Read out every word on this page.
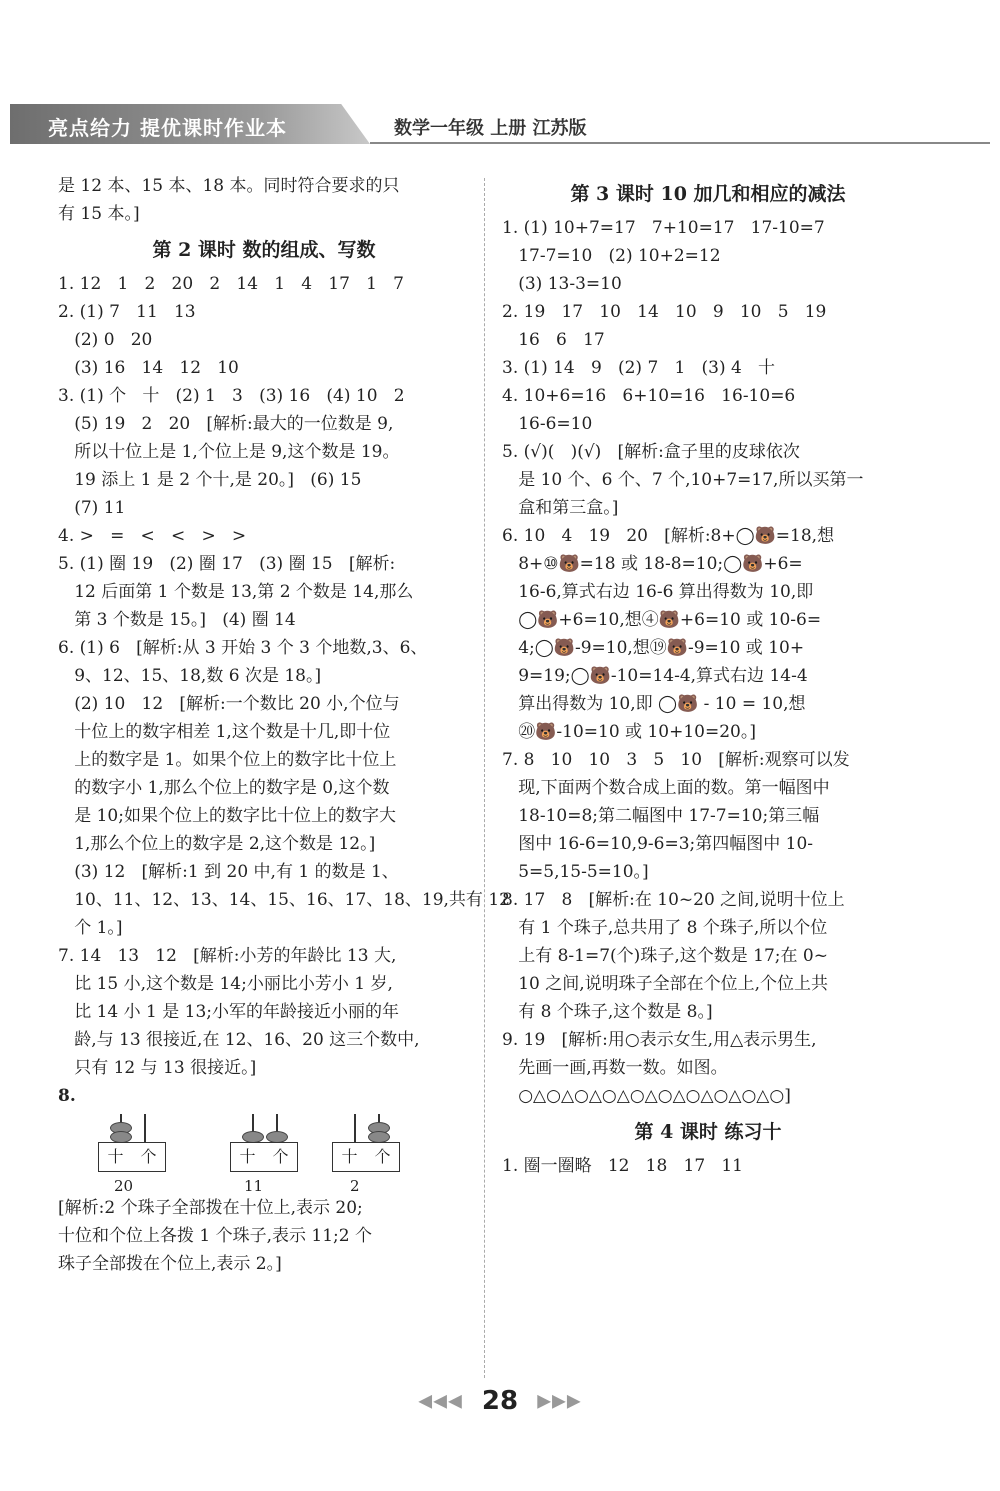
亮点给力 提优课时作业本	数学一年级 上册 江苏版
是 12 本、15 本、18 本。同时符合要求的只
有 15 本。]
第 2 课时 数的组成、写数
1. 12   1   2   20   2   14   1   4   17   1   7
2. (1) 7   11   13
(2) 0   20
(3) 16   14   12   10
3. (1) 个   十   (2) 1   3   (3) 16   (4) 10   2
(5) 19   2   20   [解析:最大的一位数是 9,
所以十位上是 1,个位上是 9,这个数是 19。
19 添上 1 是 2 个十,是 20。]   (6) 15
(7) 11
4. >   =   <   <   >   >
5. (1) 圈 19   (2) 圈 17   (3) 圈 15   [解析:
12 后面第 1 个数是 13,第 2 个数是 14,那么
第 3 个数是 15。]   (4) 圈 14
6. (1) 6   [解析:从 3 开始 3 个 3 个地数,3、6、
9、12、15、18,数 6 次是 18。]
(2) 10   12   [解析:一个数比 20 小,个位与
十位上的数字相差 1,这个数是十几,即十位
上的数字是 1。如果个位上的数字比十位上
的数字小 1,那么个位上的数字是 0,这个数
是 10;如果个位上的数字比十位上的数字大
1,那么个位上的数字是 2,这个数是 12。]
(3) 12   [解析:1 到 20 中,有 1 的数是 1、
10、11、12、13、14、15、16、17、18、19,共有 12
个 1。]
7. 14   13   12   [解析:小芳的年龄比 13 大,
比 15 小,这个数是 14;小丽比小芳小 1 岁,
比 14 小 1 是 13;小军的年龄接近小丽的年
龄,与 13 很接近,在 12、16、20 这三个数中,
只有 12 与 13 很接近。]
8.
十 个	十 个	十 个
20	11	2
[解析:2 个珠子全部拨在十位上,表示 20;
十位和个位上各拨 1 个珠子,表示 11;2 个
珠子全部拨在个位上,表示 2。]
第 3 课时 10 加几和相应的减法
1. (1) 10+7=17   7+10=17   17-10=7
17-7=10   (2) 10+2=12
(3) 13-3=10
2. 19   17   10   14   10   9   10   5   19
16   6   17
3. (1) 14   9   (2) 7   1   (3) 4   十
4. 10+6=16   6+10=16   16-10=6
16-6=10
5. (√)(   )(√)   [解析:盒子里的皮球依次
是 10 个、6 个、7 个,10+7=17,所以买第一
盒和第三盒。]
6. 10   4   19   20   [解析:8+◯🐻=18,想
8+⑩🐻=18 或 18-8=10;◯🐻+6=
16-6,算式右边 16-6 算出得数为 10,即
◯🐻+6=10,想④🐻+6=10 或 10-6=
4;◯🐻-9=10,想⑲🐻-9=10 或 10+
9=19;◯🐻-10=14-4,算式右边 14-4
算出得数为 10,即 ◯🐻 - 10 = 10,想
⑳🐻-10=10 或 10+10=20。]
7. 8   10   10   3   5   10   [解析:观察可以发
现,下面两个数合成上面的数。第一幅图中
18-10=8;第二幅图中 17-7=10;第三幅
图中 16-6=10,9-6=3;第四幅图中 10-
5=5,15-5=10。]
8. 17   8   [解析:在 10~20 之间,说明十位上
有 1 个珠子,总共用了 8 个珠子,所以个位
上有 8-1=7(个)珠子,这个数是 17;在 0~
10 之间,说明珠子全部在个位上,个位上共
有 8 个珠子,这个数是 8。]
9. 19   [解析:用○表示女生,用△表示男生,
先画一画,再数一数。如图。
○△○△○△○△○△○△○△○△○△○]
第 4 课时 练习十
1. 圈一圈略   12   18   17   11
◀◀◀ 28 ▶▶▶
